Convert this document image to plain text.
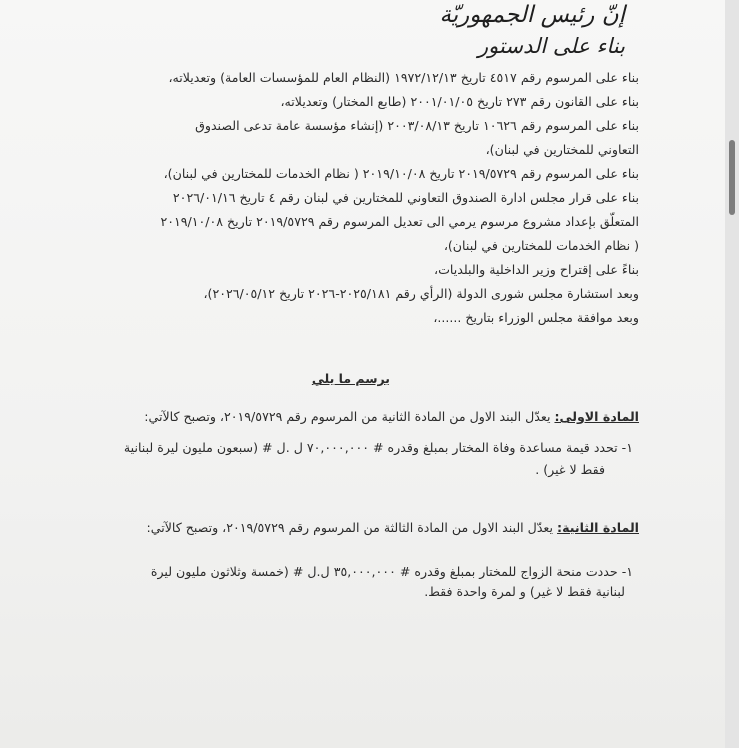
إنّ رئيس الجمهوريّة
بناء على الدستور
بناء على المرسوم رقم ٤٥١٧ تاريخ ١٩٧٢/١٢/١٣ (النظام العام للمؤسسات العامة) وتعديلاته،
بناء على القانون رقم ٢٧٣ تاريخ ٢٠٠١/٠١/٠٥ (طابع المختار) وتعديلاته،
بناء على المرسوم رقم ١٠٦٢٦ تاريخ ٢٠٠٣/٠٨/١٣ (إنشاء مؤسسة عامة تدعى الصندوق
التعاوني للمختارين في لبنان)،
بناء على المرسوم رقم ٢٠١٩/٥٧٢٩ تاريخ ٢٠١٩/١٠/٠٨ ( نظام الخدمات للمختارين في لبنان)،
بناء على قرار مجلس ادارة الصندوق التعاوني للمختارين في لبنان رقم ٤ تاريخ ٢٠٢٦/٠١/١٦
المتعلّق بإعداد مشروع مرسوم يرمي الى تعديل المرسوم رقم ٢٠١٩/٥٧٢٩ تاريخ ٢٠١٩/١٠/٠٨
( نظام الخدمات للمختارين في لبنان)،
بناءً على إقتراح وزير الداخلية والبلديات،
وبعد استشارة مجلس شورى الدولة (الرأي رقم ٢٠٢٥/١٨١-٢٠٢٦ تاريخ ٢٠٢٦/٠٥/١٢)،
وبعد موافقة مجلس الوزراء بتاريخ ......،
يرسم ما يلي
المادة الاولى: يعدّل البند الاول من المادة الثانية من المرسوم رقم ٢٠١٩/٥٧٢٩، وتصبح كالآتي:
١- تحدد قيمة مساعدة وفاة المختار بمبلغ وقدره # ٧٠,٠٠٠,٠٠٠ ل .ل # (سبعون مليون ليرة لبنانية
فقط لا غير) .
المادة الثانية: يعدّل البند الاول من المادة الثالثة من المرسوم رقم ٢٠١٩/٥٧٢٩، وتصبح كالآتي:
١- حددت منحة الزواج للمختار بمبلغ وقدره # ٣٥,٠٠٠,٠٠٠ ل.ل # (خمسة وثلاثون مليون ليرة
لبنانية فقط لا غير) و لمرة واحدة فقط.
